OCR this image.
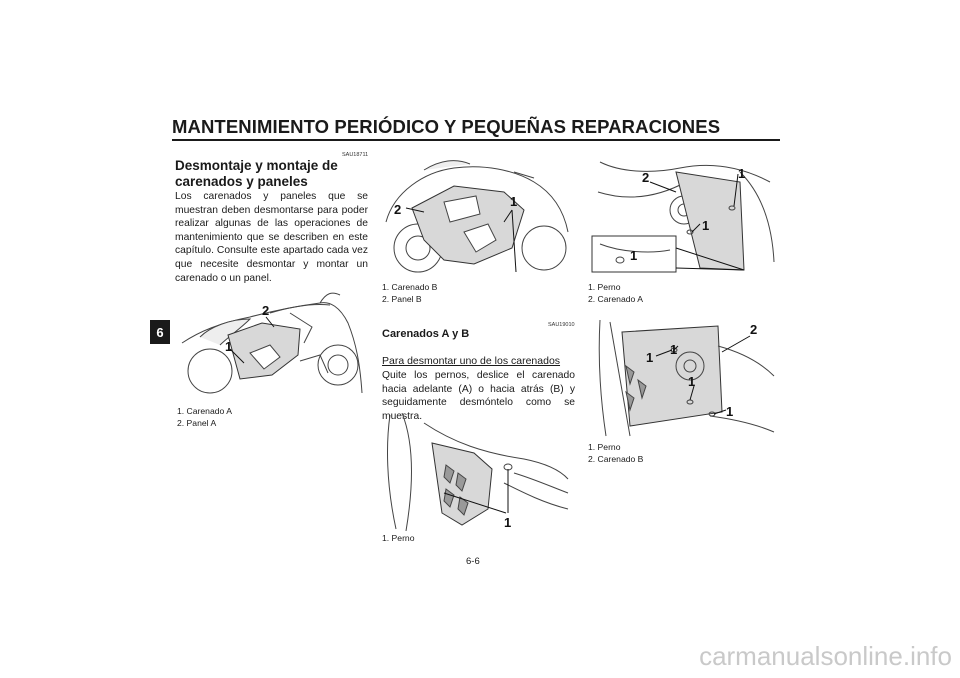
MANTENIMIENTO PERIÓDICO Y PEQUEÑAS REPARACIONES
6
SAU18711
Desmontaje y montaje de carenados y paneles
Los carenados y paneles que se muestran deben desmontarse para poder realizar algunas de las operaciones de mantenimiento que se describen en este capítulo. Consulte este apartado cada vez que necesite desmontar y montar un carenado o un panel.
2
1
1. Carenado A
2. Panel A
2
1
1. Carenado B
2. Panel B
SAU19010
Carenados A y B
Para desmontar uno de los carenados
Quite los pernos, deslice el carenado hacia adelante (A) o hacia atrás (B) y seguidamente desmóntelo como se muestra.
1
1. Perno
2	1
1
1
1. Perno
2. Carenado A
1
1
1
1
2
1. Perno
2. Carenado B
6-6
carmanualsonline.info
